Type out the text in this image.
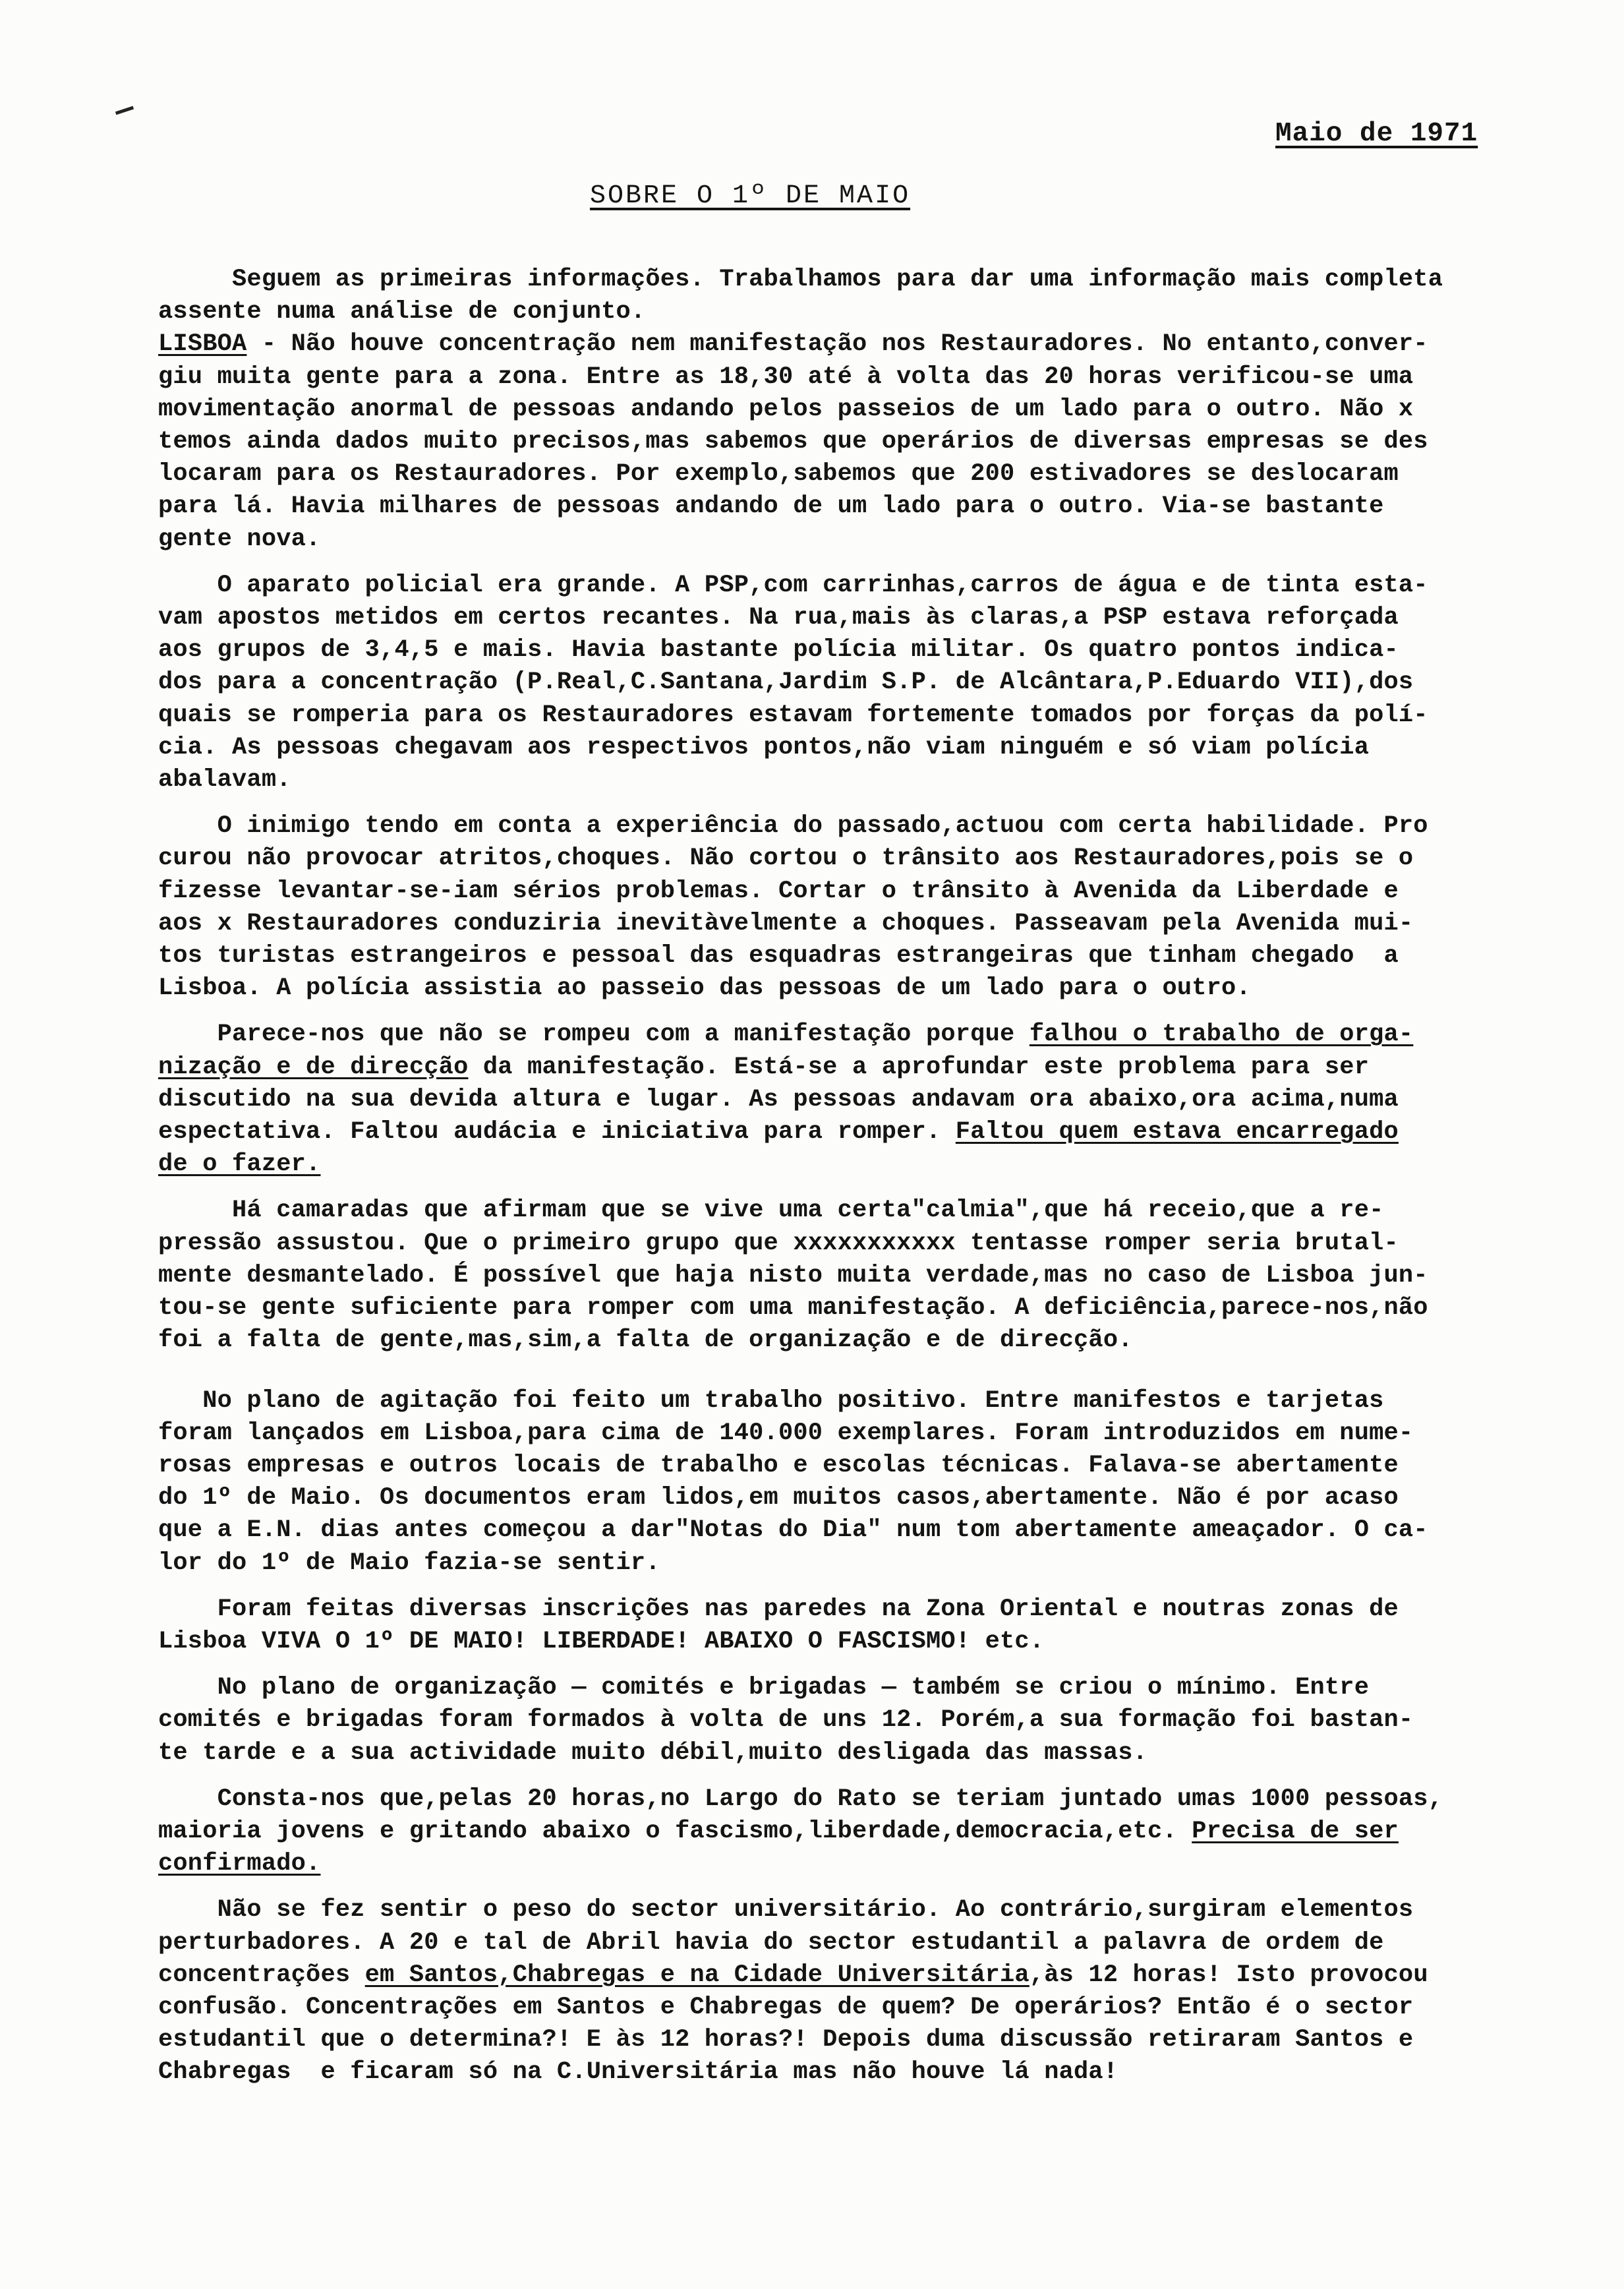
Maio de 1971
SOBRE O 1º DE MAIO
Seguem as primeiras informações. Trabalhamos para dar uma informação mais completa
assente numa análise de conjunto.
LISBOA - Não houve concentração nem manifestação nos Restauradores. No entanto,conver-
giu muita gente para a zona. Entre as 18,30 até à volta das 20 horas verificou-se uma
movimentação anormal de pessoas andando pelos passeios de um lado para o outro. Não x
temos ainda dados muito precisos,mas sabemos que operários de diversas empresas se des
locaram para os Restauradores. Por exemplo,sabemos que 200 estivadores se deslocaram
para lá. Havia milhares de pessoas andando de um lado para o outro. Via-se bastante
gente nova.
O aparato policial era grande. A PSP,com carrinhas,carros de água e de tinta esta-
vam apostos metidos em certos recantes. Na rua,mais às claras,a PSP estava reforçada
aos grupos de 3,4,5 e mais. Havia bastante polícia militar. Os quatro pontos indica-
dos para a concentração (P.Real,C.Santana,Jardim S.P. de Alcântara,P.Eduardo VII),dos
quais se romperia para os Restauradores estavam fortemente tomados por forças da polí-
cia. As pessoas chegavam aos respectivos pontos,não viam ninguém e só viam polícia
abalavam.
O inimigo tendo em conta a experiência do passado,actuou com certa habilidade. Pro
curou não provocar atritos,choques. Não cortou o trânsito aos Restauradores,pois se o
fizesse levantar-se-iam sérios problemas. Cortar o trânsito à Avenida da Liberdade e
aos x Restauradores conduziria inevitàvelmente a choques. Passeavam pela Avenida mui-
tos turistas estrangeiros e pessoal das esquadras estrangeiras que tinham chegado  a
Lisboa. A polícia assistia ao passeio das pessoas de um lado para o outro.
Parece-nos que não se rompeu com a manifestação porque falhou o trabalho de orga-
nização e de direcção da manifestação. Está-se a aprofundar este problema para ser
discutido na sua devida altura e lugar. As pessoas andavam ora abaixo,ora acima,numa
espectativa. Faltou audácia e iniciativa para romper. Faltou quem estava encarregado
de o fazer.
Há camaradas que afirmam que se vive uma certa"calmia",que há receio,que a re-
pressão assustou. Que o primeiro grupo que xxxxxxxxxxx tentasse romper seria brutal-
mente desmantelado. É possível que haja nisto muita verdade,mas no caso de Lisboa jun-
tou-se gente suficiente para romper com uma manifestação. A deficiência,parece-nos,não
foi a falta de gente,mas,sim,a falta de organização e de direcção.
No plano de agitação foi feito um trabalho positivo. Entre manifestos e tarjetas
foram lançados em Lisboa,para cima de 140.000 exemplares. Foram introduzidos em nume-
rosas empresas e outros locais de trabalho e escolas técnicas. Falava-se abertamente
do 1º de Maio. Os documentos eram lidos,em muitos casos,abertamente. Não é por acaso
que a E.N. dias antes começou a dar"Notas do Dia" num tom abertamente ameaçador. O ca-
lor do 1º de Maio fazia-se sentir.
Foram feitas diversas inscrições nas paredes na Zona Oriental e noutras zonas de
Lisboa VIVA O 1º DE MAIO! LIBERDADE! ABAIXO O FASCISMO! etc.
No plano de organização — comités e brigadas — também se criou o mínimo. Entre
comités e brigadas foram formados à volta de uns 12. Porém,a sua formação foi bastan-
te tarde e a sua actividade muito débil,muito desligada das massas.
Consta-nos que,pelas 20 horas,no Largo do Rato se teriam juntado umas 1000 pessoas,
maioria jovens e gritando abaixo o fascismo,liberdade,democracia,etc. Precisa de ser
confirmado.
Não se fez sentir o peso do sector universitário. Ao contrário,surgiram elementos
perturbadores. A 20 e tal de Abril havia do sector estudantil a palavra de ordem de
concentrações em Santos,Chabregas e na Cidade Universitária,às 12 horas! Isto provocou
confusão. Concentrações em Santos e Chabregas de quem? De operários? Então é o sector
estudantil que o determina?! E às 12 horas?! Depois duma discussão retiraram Santos e
Chabregas  e ficaram só na C.Universitária mas não houve lá nada!
